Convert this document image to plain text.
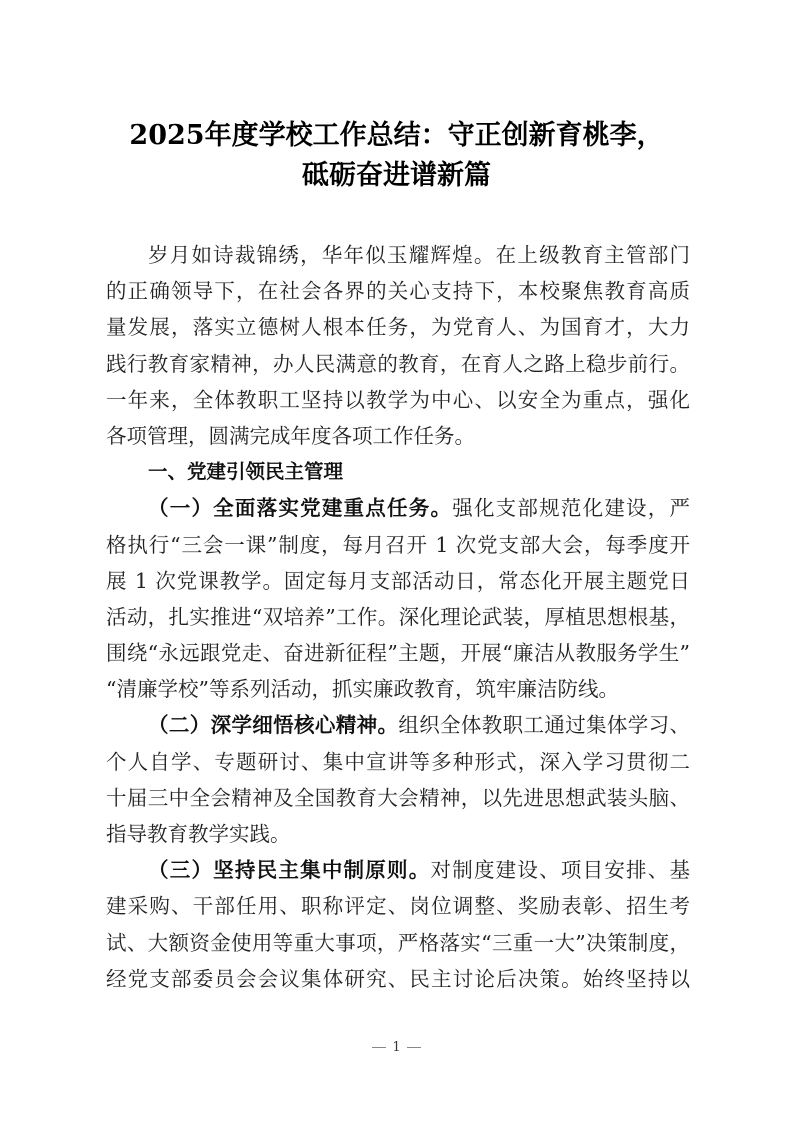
2025年度学校工作总结：守正创新育桃李，
砥砺奋进谱新篇
岁月如诗裁锦绣，华年似玉耀辉煌。在上级教育主管部门
的正确领导下，在社会各界的关心支持下，本校聚焦教育高质
量发展，落实立德树人根本任务，为党育人、为国育才，大力
践行教育家精神，办人民满意的教育，在育人之路上稳步前行。
一年来，全体教职工坚持以教学为中心、以安全为重点，强化
各项管理，圆满完成年度各项工作任务。
一、党建引领民主管理
（一）全面落实党建重点任务。强化支部规范化建设，严
格执行“三会一课”制度，每月召开 1 次党支部大会，每季度开
展 1 次党课教学。固定每月支部活动日，常态化开展主题党日
活动，扎实推进“双培养”工作。深化理论武装，厚植思想根基，
围绕“永远跟党走、奋进新征程”主题，开展“廉洁从教服务学生”
“清廉学校”等系列活动，抓实廉政教育，筑牢廉洁防线。
（二）深学细悟核心精神。组织全体教职工通过集体学习、
个人自学、专题研讨、集中宣讲等多种形式，深入学习贯彻二
十届三中全会精神及全国教育大会精神，以先进思想武装头脑、
指导教育教学实践。
（三）坚持民主集中制原则。对制度建设、项目安排、基
建采购、干部任用、职称评定、岗位调整、奖励表彰、招生考
试、大额资金使用等重大事项，严格落实“三重一大”决策制度，
经党支部委员会会议集体研究、民主讨论后决策。始终坚持以
1
